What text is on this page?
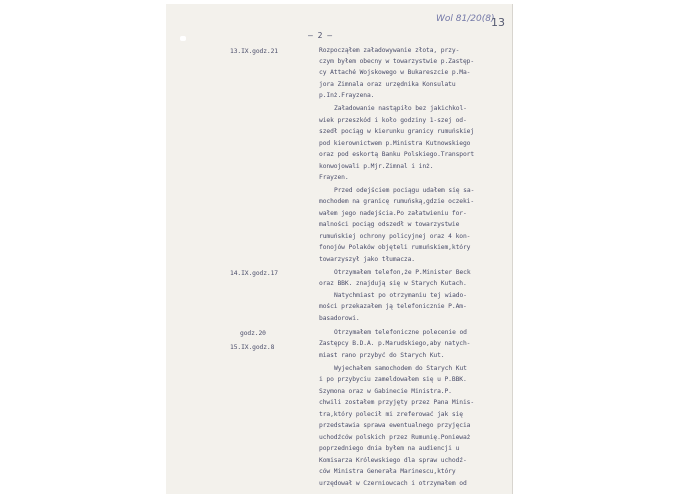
– 2 –
Wol 81/20(8)
13
13.IX.godz.21	Rozpocząłem załadowywanie złota, przy-
czym byłem obecny w towarzystwie p.Zastęp-
cy Attaché Wojskowego w Bukareszcie p.Ma-
jora Zimnala oraz urzędnika Konsulatu
p.Inż.Frayzena.
Załadowanie nastąpiło bez jakichkol-
wiek przeszkód i koło godziny 1-szej od-
szedł pociąg w kierunku granicy rumuńskiej
pod kierownictwem p.Ministra Kutnowskiego
oraz pod eskortą Banku Polskiego.Transport
konwojowali p.Mjr.Zimnal i inż.
Frayzen.
Przed odejściem pociągu udałem się sa-
mochodem na granicę rumuńską,gdzie oczeki-
wałem jego nadejścia.Po załatwieniu for-
malności pociąg odszedł w towarzystwie
rumuńskiej ochrony policyjnej oraz 4 kon-
fonojów Polaków objęteli rumuńskiem,który
towarzyszył jako tłumacza.
14.IX.godz.17	Otrzymałem telefon,że P.Minister Beck
oraz BBK. znajdują się w Starych Kutach.
Natychmiast po otrzymaniu tej wiado-
mości przekazałem ją telefonicznie P.Am-
basadorowi.
godz.20	Otrzymałem telefoniczne polecenie od
Zastępcy B.D.A. p.Marudskiego,aby natych-
miast rano przybyć do Starych Kut.
15.IX.godz.8
Wyjechałem samochodem do Starych Kut
i po przybyciu zameldowałem się u P.BBK.
Szymona oraz w Gabinecie Ministra.P.
chwili zostałem przyjęty przez Pana Minis-
tra,który polecił mi zreferować jak się
przedstawia sprawa ewentualnego przyjęcia
uchodźców polskich przez Rumunię.Ponieważ
poprzedniego dnia byłem na audiencji u
Komisarza Królewskiego dla spraw uchodź-
ców Ministra Generała Marinescu,który
urzędował w Czerniowcach i otrzymałem od
